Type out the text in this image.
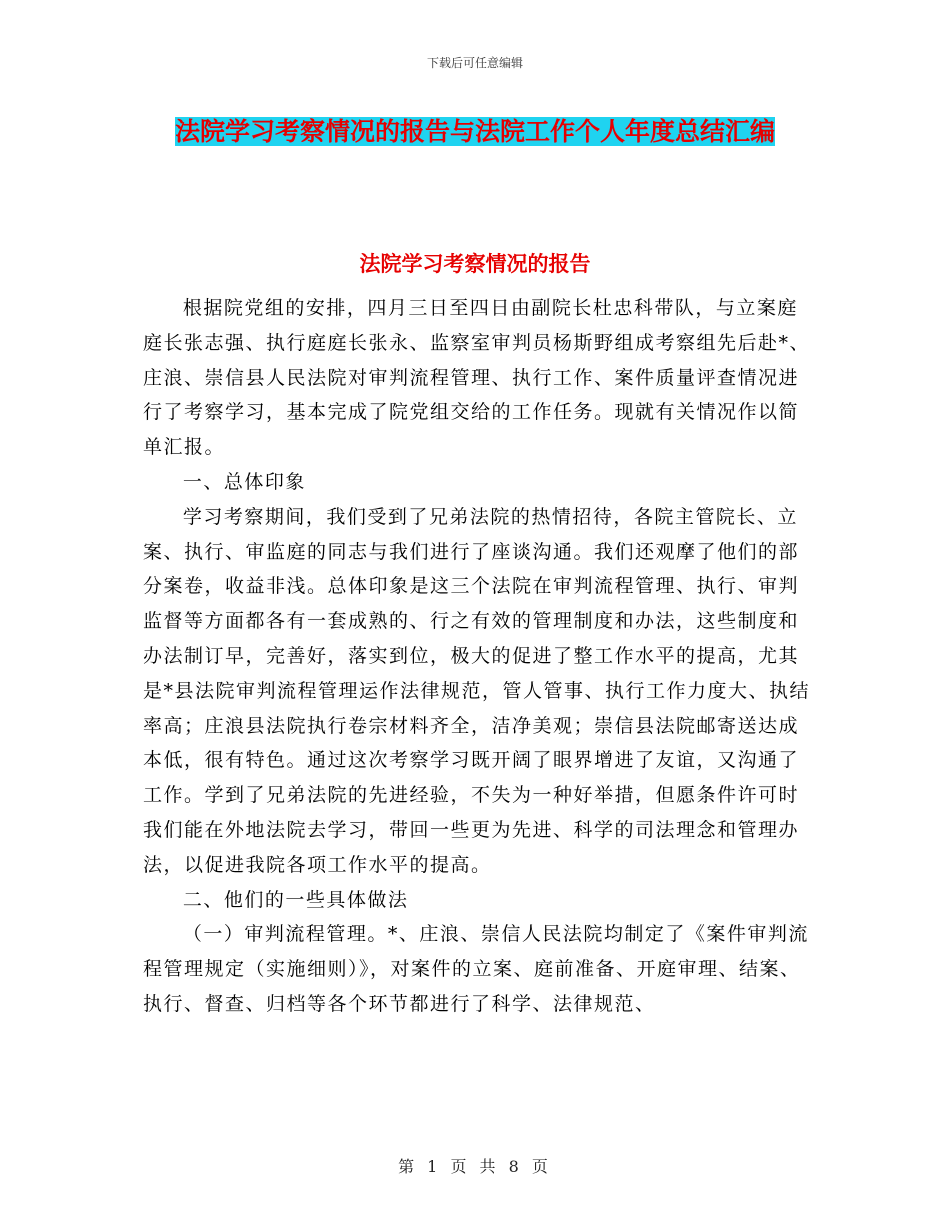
下载后可任意编辑
法院学习考察情况的报告与法院工作个人年度总结汇编
法院学习考察情况的报告

根据院党组的安排，四月三日至四日由副院长杜忠科带队，与立案庭庭长张志强、执行庭庭长张永、监察室审判员杨斯野组成考察组先后赴*、庄浪、崇信县人民法院对审判流程管理、执行工作、案件质量评查情况进行了考察学习，基本完成了院党组交给的工作任务。现就有关情况作以简单汇报。

一、总体印象

学习考察期间，我们受到了兄弟法院的热情招待，各院主管院长、立案、执行、审监庭的同志与我们进行了座谈沟通。我们还观摩了他们的部分案卷，收益非浅。总体印象是这三个法院在审判流程管理、执行、审判监督等方面都各有一套成熟的、行之有效的管理制度和办法，这些制度和办法制订早，完善好，落实到位，极大的促进了整工作水平的提高，尤其是*县法院审判流程管理运作法律规范，管人管事、执行工作力度大、执结率高；庄浪县法院执行卷宗材料齐全，洁净美观；崇信县法院邮寄送达成本低，很有特色。通过这次考察学习既开阔了眼界增进了友谊，又沟通了工作。学到了兄弟法院的先进经验，不失为一种好举措，但愿条件许可时我们能在外地法院去学习，带回一些更为先进、科学的司法理念和管理办法，以促进我院各项工作水平的提高。

二、他们的一些具体做法

（一）审判流程管理。*、庄浪、崇信人民法院均制定了《案件审判流程管理规定（实施细则）》，对案件的立案、庭前准备、开庭审理、结案、执行、督查、归档等各个环节都进行了科学、法律规范、

第 1 页 共 8 页
